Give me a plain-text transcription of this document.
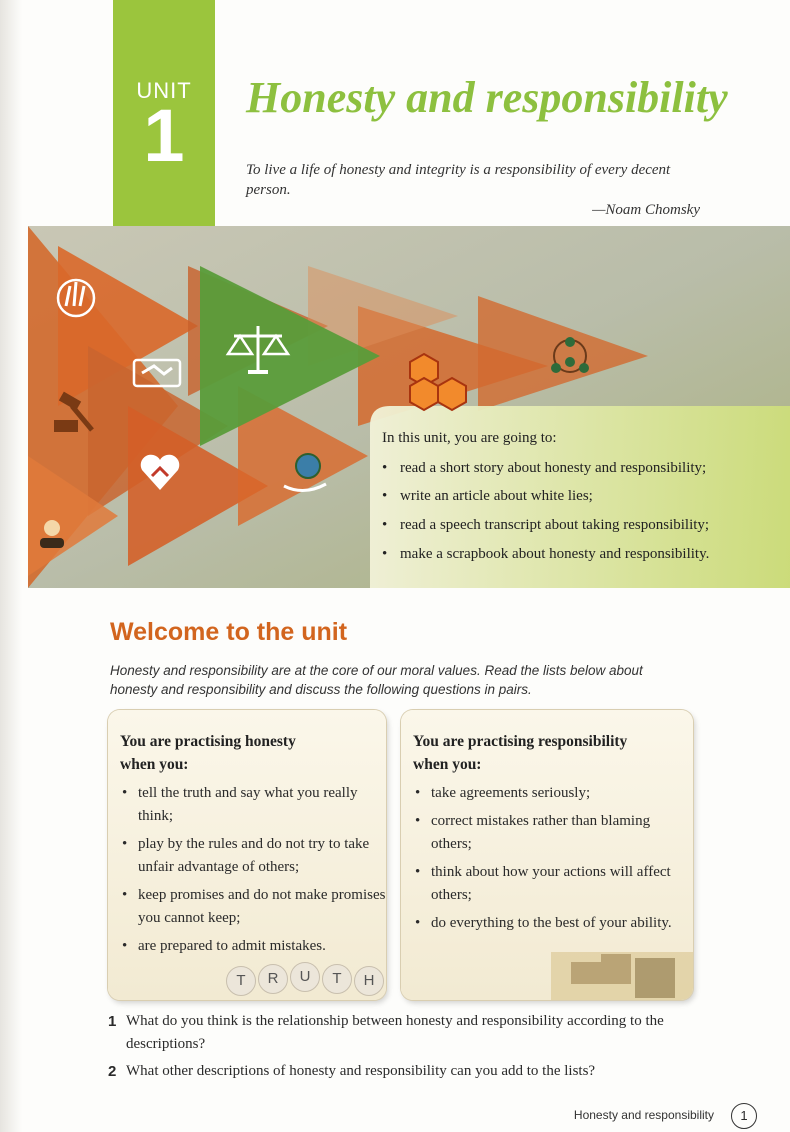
UNIT
1	Honesty and responsibility
To live a life of honesty and integrity is a responsibility of every decent person.
—Noam Chomsky
In this unit, you are going to:
• read a short story about honesty and responsibility;
• write an article about white lies;
• read a speech transcript about taking responsibility;
• make a scrapbook about honesty and responsibility.
Welcome to the unit
Honesty and responsibility are at the core of our moral values. Read the lists below about honesty and responsibility and discuss the following questions in pairs.
You are practising honesty
when you:
• tell the truth and say what you really think;
• play by the rules and do not try to take unfair advantage of others;
• keep promises and do not make promises you cannot keep;
• are prepared to admit mistakes.
T	R	U	T	H
You are practising responsibility
when you:
• take agreements seriously;
• correct mistakes rather than blaming others;
• think about how your actions will affect others;
• do everything to the best of your ability.
1 What do you think is the relationship between honesty and responsibility according to the descriptions?
2 What other descriptions of honesty and responsibility can you add to the lists?
Honesty and responsibility	1
